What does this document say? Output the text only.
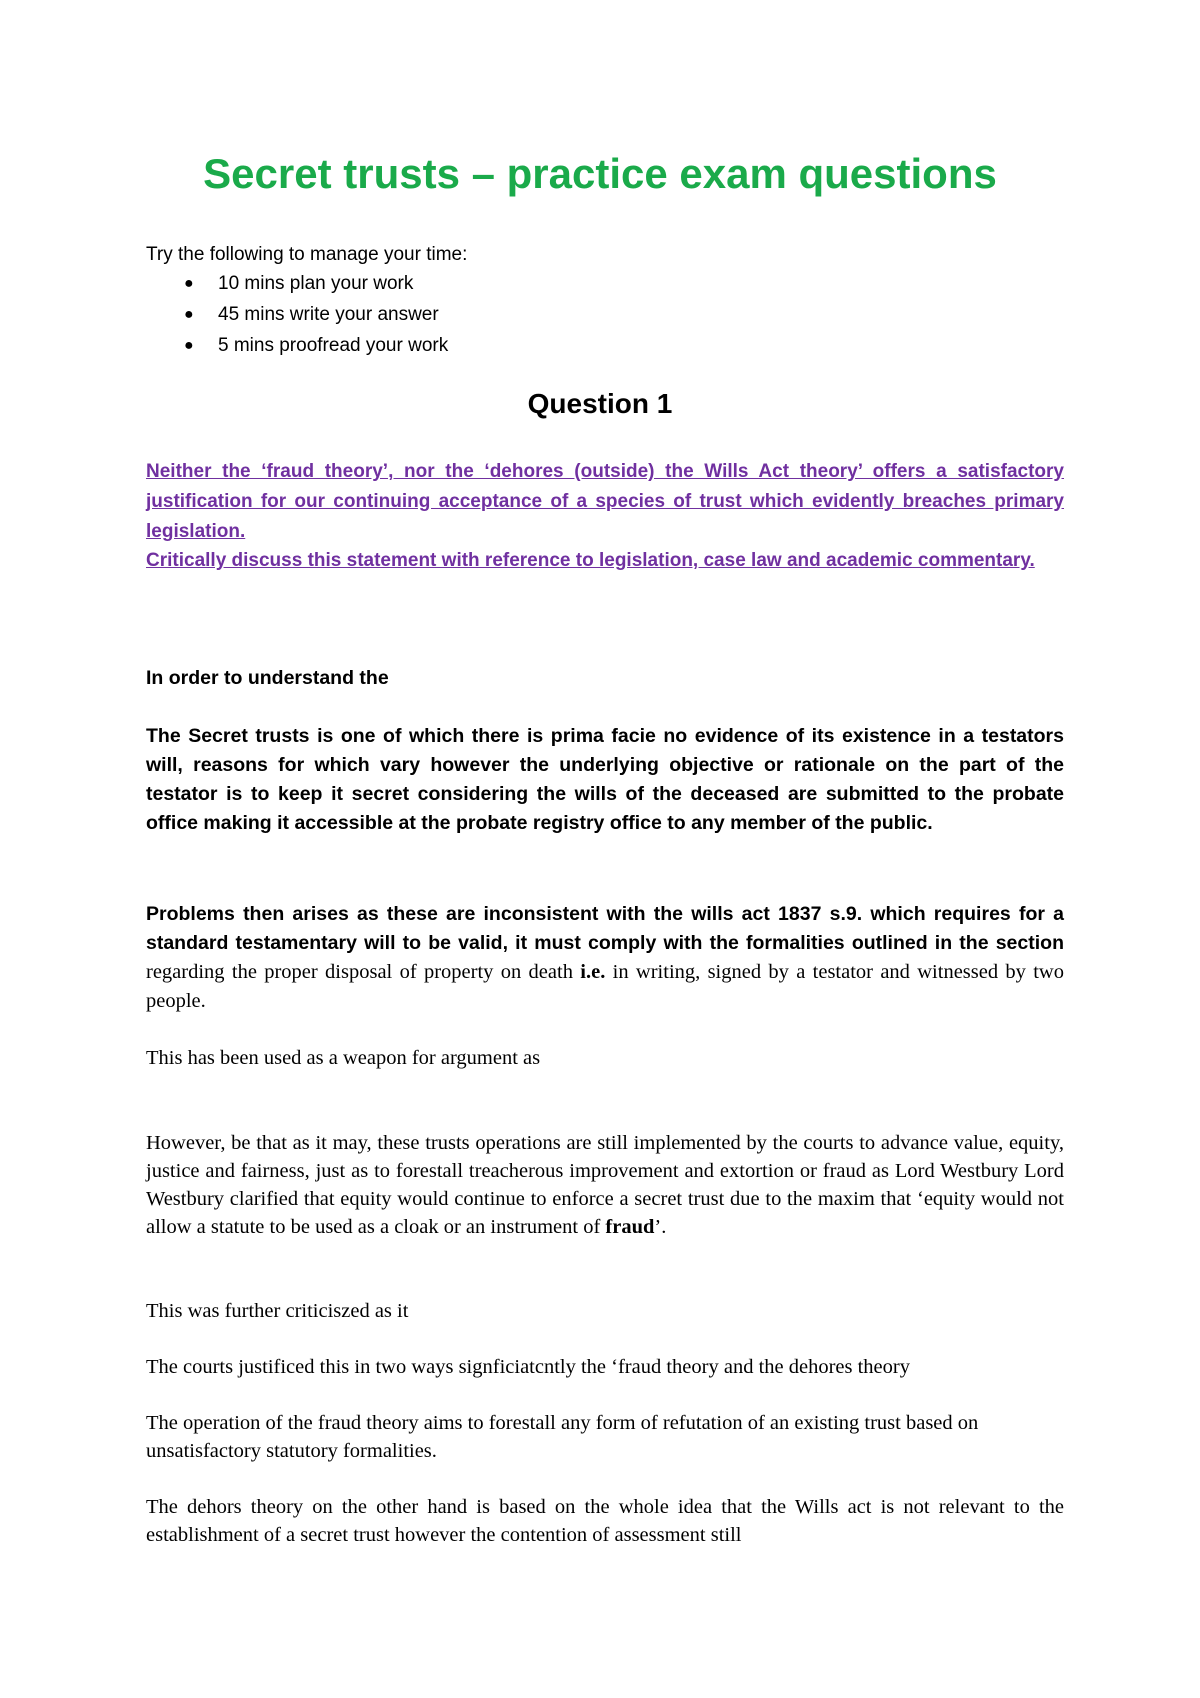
Secret trusts – practice exam questions

Try the following to manage your time:

● 10 mins plan your work
● 45 mins write your answer
● 5 mins proofread your work
Question 1

Neither the ‘fraud theory’, nor the ‘dehores (outside) the Wills Act theory’ offers a satisfactory justification for our continuing acceptance of a species of trust which evidently breaches primary legislation.

Critically discuss this statement with reference to legislation, case law and academic commentary.

In order to understand the

The Secret trusts is one of which there is prima facie no evidence of its existence in a testators will, reasons for which vary however the underlying objective or rationale on the part of the testator is to keep it secret considering the wills of the deceased are submitted to the probate office making it accessible at the probate registry office to any member of the public.

Problems then arises as these are inconsistent with the wills act 1837 s.9. which requires for a standard testamentary will to be valid, it must comply with the formalities outlined in the section regarding the proper disposal of property on death i.e. in writing, signed by a testator and witnessed by two people.

This has been used as a weapon for argument as

However, be that as it may, these trusts operations are still implemented by the courts to advance value, equity, justice and fairness, just as to forestall treacherous improvement and extortion or fraud as Lord Westbury Lord Westbury clarified that equity would continue to enforce a secret trust due to the maxim that ‘equity would not allow a statute to be used as a cloak or an instrument of fraud’.

This was further criticiszed as it

The courts justificed this in two ways signficiatcntly the ‘fraud theory and the dehores theory

The operation of the fraud theory aims to forestall any form of refutation of an existing trust based on unsatisfactory statutory formalities.

The dehors theory on the other hand is based on the whole idea that the Wills act is not relevant to the establishment of a secret trust however the contention of assessment still
